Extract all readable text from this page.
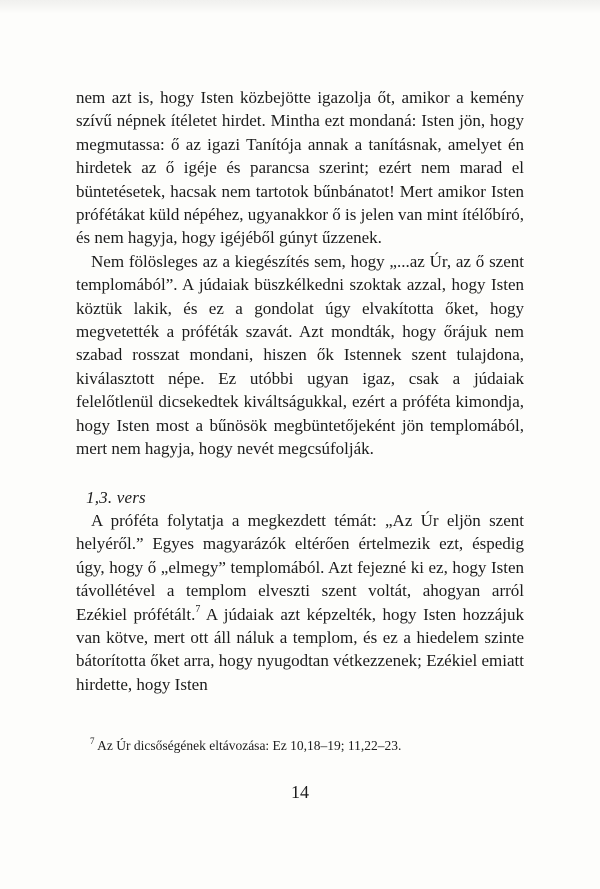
nem azt is, hogy Isten közbejötte igazolja őt, amikor a kemény szívű népnek ítéletet hirdet. Mintha ezt mondaná: Isten jön, hogy megmutassa: ő az igazi Tanítója annak a tanításnak, amelyet én hirdetek az ő igéje és parancsa szerint; ezért nem marad el büntetésetek, hacsak nem tartotok bűnbánatot! Mert amikor Isten prófétákat küld népéhez, ugyanakkor ő is jelen van mint ítélőbíró, és nem hagyja, hogy igéjéből gúnyt űzzenek.

Nem fölösleges az a kiegészítés sem, hogy „...az Úr, az ő szent templomából”. A júdaiak büszkélkedni szoktak azzal, hogy Isten köztük lakik, és ez a gondolat úgy elvakította őket, hogy megvetették a próféták szavát. Azt mondták, hogy őrájuk nem szabad rosszat mondani, hiszen ők Istennek szent tulajdona, kiválasztott népe. Ez utóbbi ugyan igaz, csak a júdaiak felelőtlenül dicsekedtek kiváltságukkal, ezért a próféta kimondja, hogy Isten most a bűnösök megbüntetőjeként jön templomából, mert nem hagyja, hogy nevét megcsúfolják.

1,3. vers

A próféta folytatja a megkezdett témát: „Az Úr eljön szent helyéről.” Egyes magyarázók eltérően értelmezik ezt, éspedig úgy, hogy ő „elmegy” templomából. Azt fejezné ki ez, hogy Isten távollétével a templom elveszti szent voltát, ahogyan arról Ezékiel prófétált.$^7$ A júdaiak azt képzelték, hogy Isten hozzájuk van kötve, mert ott áll náluk a templom, és ez a hiedelem szinte bátorította őket arra, hogy nyugodtan vétkezzenek; Ezékiel emiatt hirdette, hogy Isten

$^7$ Az Úr dicsőségének eltávozása: Ez 10,18–19; 11,22–23.
14
